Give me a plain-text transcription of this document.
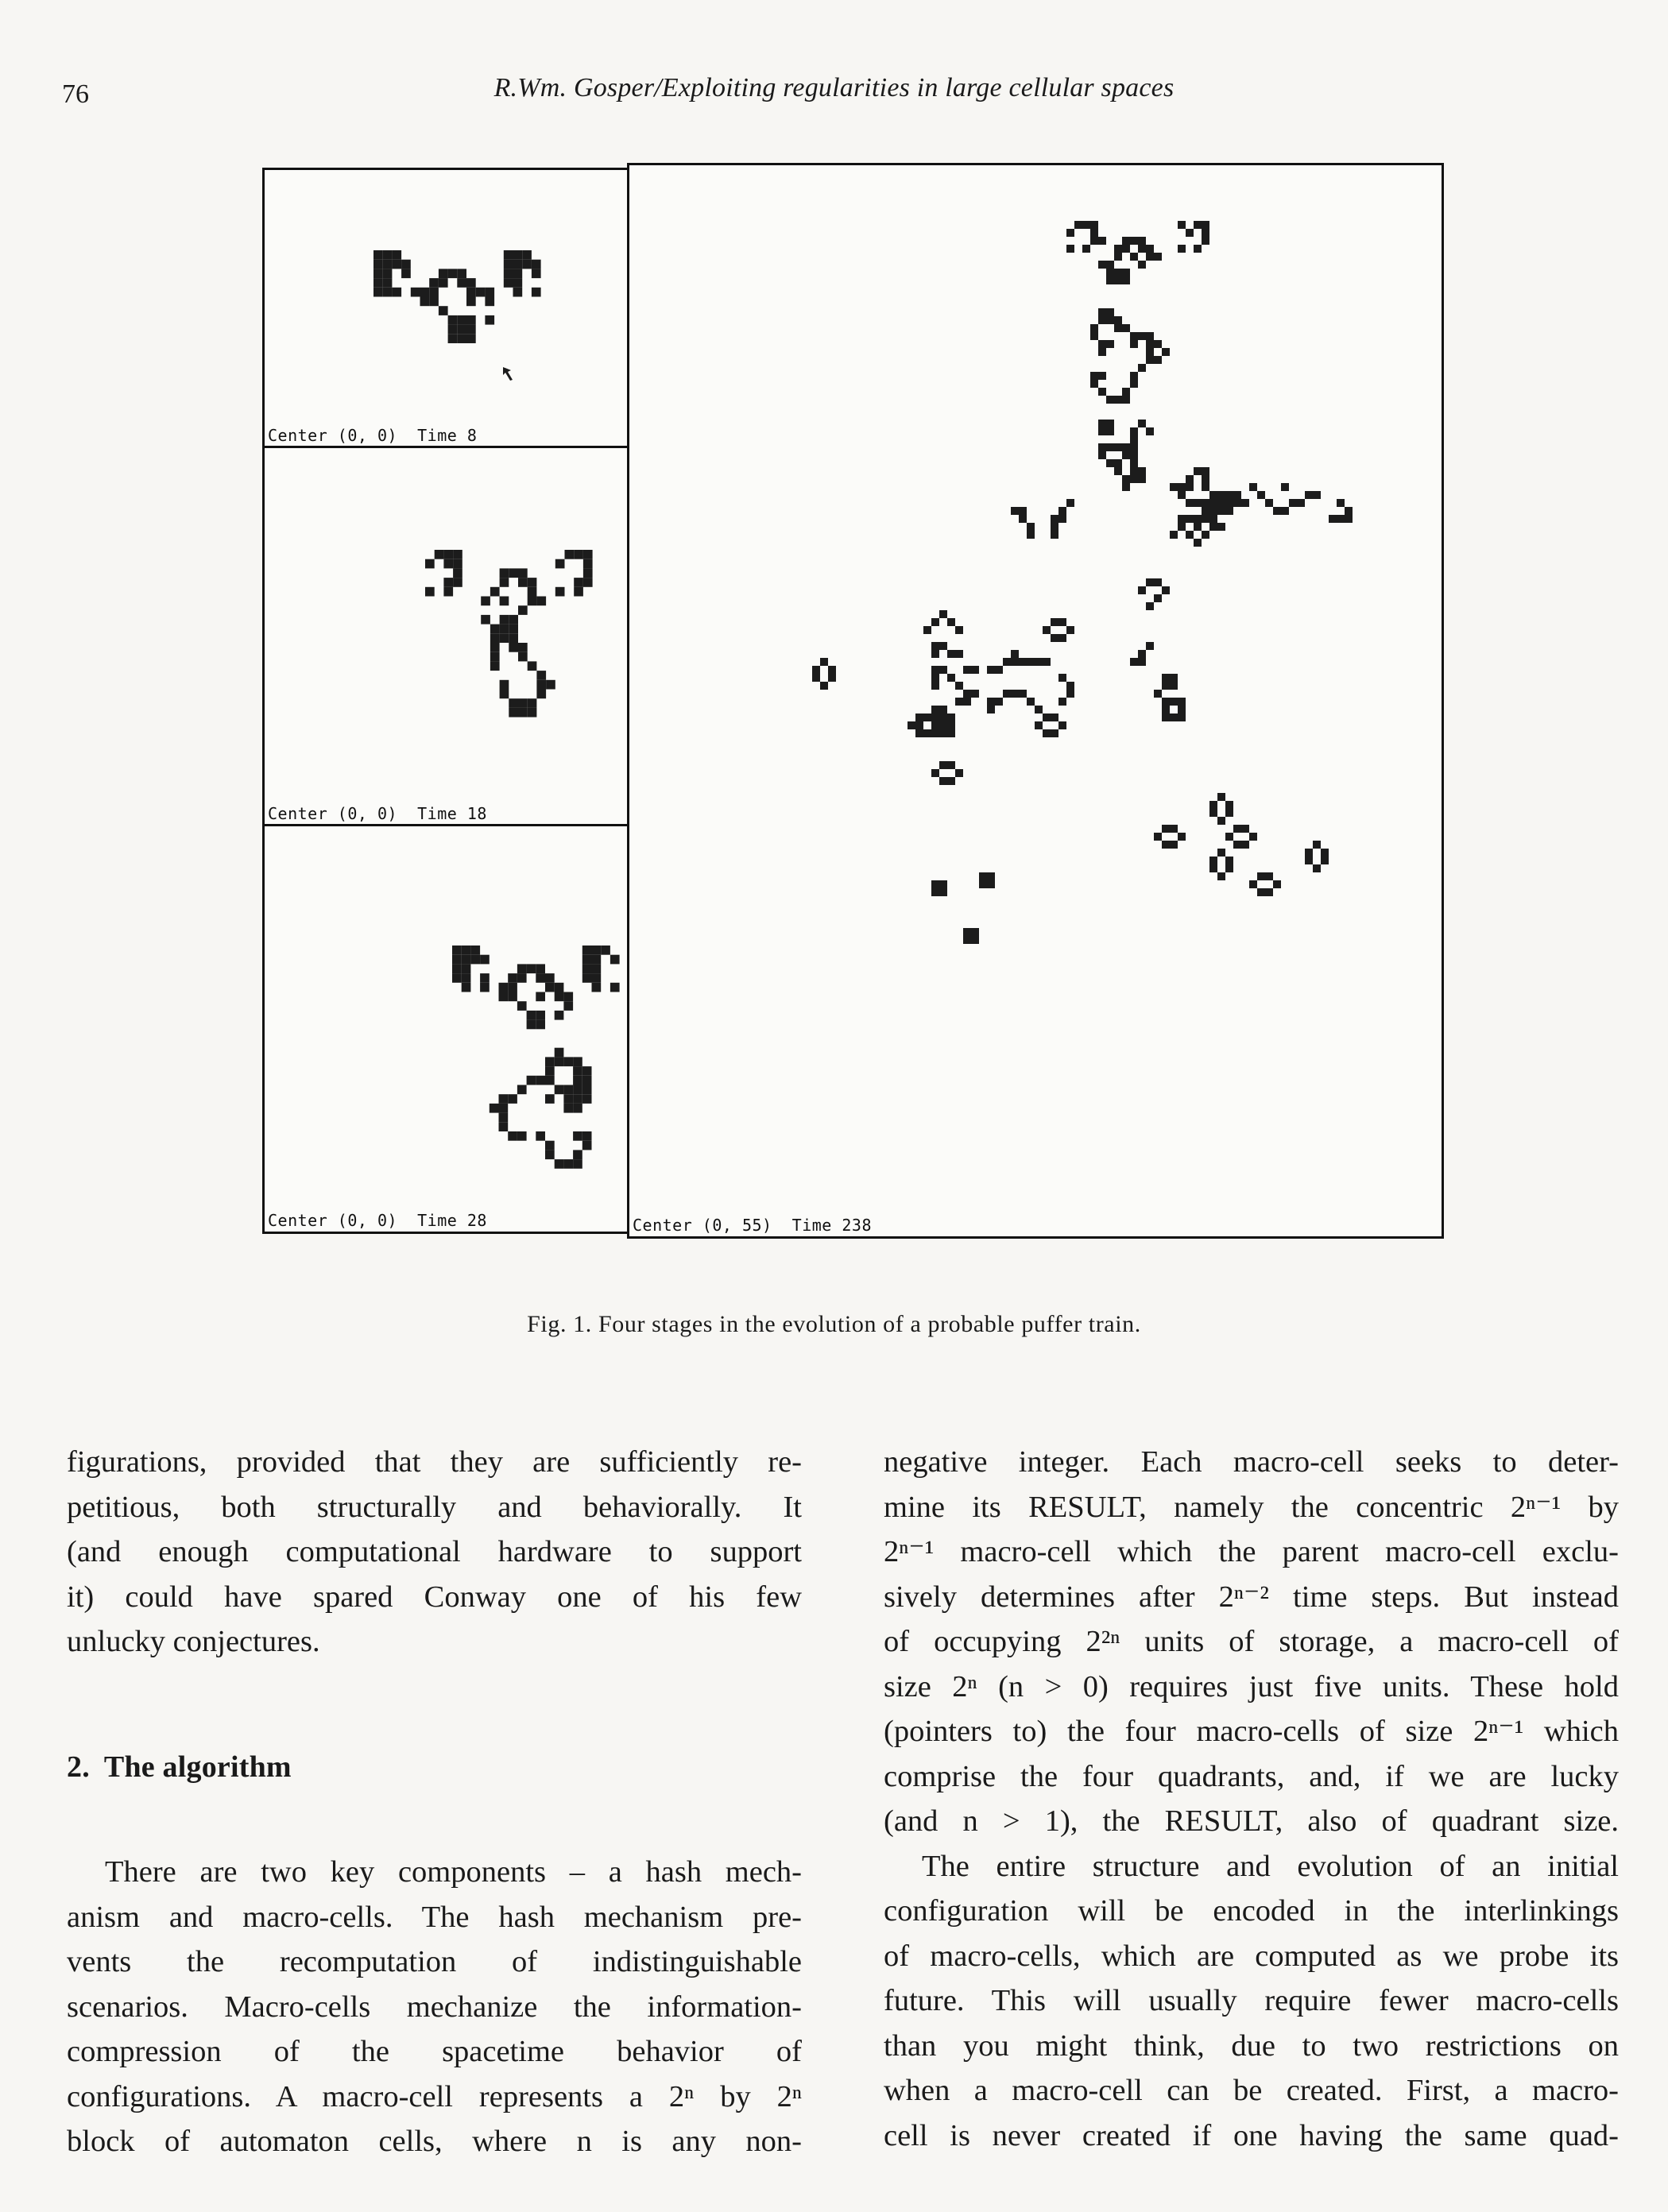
76	R.Wm. Gosper/Exploiting regularities in large cellular spaces
Center (0, 0)  Time 8
Center (0, 0)  Time 18
Center (0, 0)  Time 28	Center (0, 55)  Time 238
Fig. 1. Four stages in the evolution of a probable puffer train.
figurations, provided that they are sufficiently re-
petitious, both structurally and behaviorally. It
(and enough computational hardware to support
it) could have spared Conway one of his few
unlucky conjectures.
2. The algorithm
There are two key components – a hash mech-
anism and macro-cells. The hash mechanism pre-
vents the recomputation of indistinguishable
scenarios. Macro-cells mechanize the information-
compression of the spacetime behavior of
configurations. A macro-cell represents a 2ⁿ by 2ⁿ
block of automaton cells, where n is any non-
negative integer. Each macro-cell seeks to deter-
mine its RESULT, namely the concentric 2ⁿ⁻¹ by
2ⁿ⁻¹ macro-cell which the parent macro-cell exclu-
sively determines after 2ⁿ⁻² time steps. But instead
of occupying 2²ⁿ units of storage, a macro-cell of
size 2ⁿ (n > 0) requires just five units. These hold
(pointers to) the four macro-cells of size 2ⁿ⁻¹ which
comprise the four quadrants, and, if we are lucky
(and n > 1), the RESULT, also of quadrant size.
The entire structure and evolution of an initial
configuration will be encoded in the interlinkings
of macro-cells, which are computed as we probe its
future. This will usually require fewer macro-cells
than you might think, due to two restrictions on
when a macro-cell can be created. First, a macro-
cell is never created if one having the same quad-
